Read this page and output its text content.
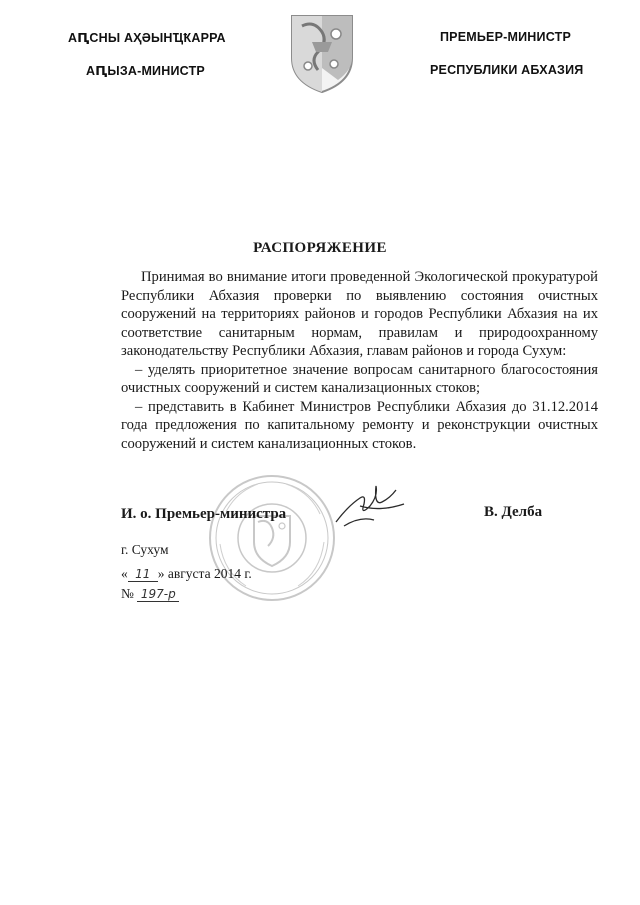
АԤСНЫ АҲӘЫНҴҞАРРА
АԤЫЗА-МИНИСТР
ПРЕМЬЕР-МИНИСТР
РЕСПУБЛИКИ АБХАЗИЯ
РАСПОРЯЖЕНИЕ

Принимая во внимание итоги проведенной Экологической прокуратурой Республики Абхазия проверки по выявлению состояния очистных сооружений на территориях районов и городов Республики Абхазия на их соответствие санитарным нормам, правилам и природоохранному законодательству Республики Абхазия, главам районов и города Сухум:

– уделять приоритетное значение вопросам санитарного благосостояния очистных сооружений и систем канализационных стоков;

– представить в Кабинет Министров Республики Абхазия до 31.12.2014 года предложения по капитальному ремонту и реконструкции очистных сооружений и систем канализационных стоков.

И. о. Премьер-министра	В. Делба
г. Сухум
« 11 » августа 2014 г.
№ 197-р
